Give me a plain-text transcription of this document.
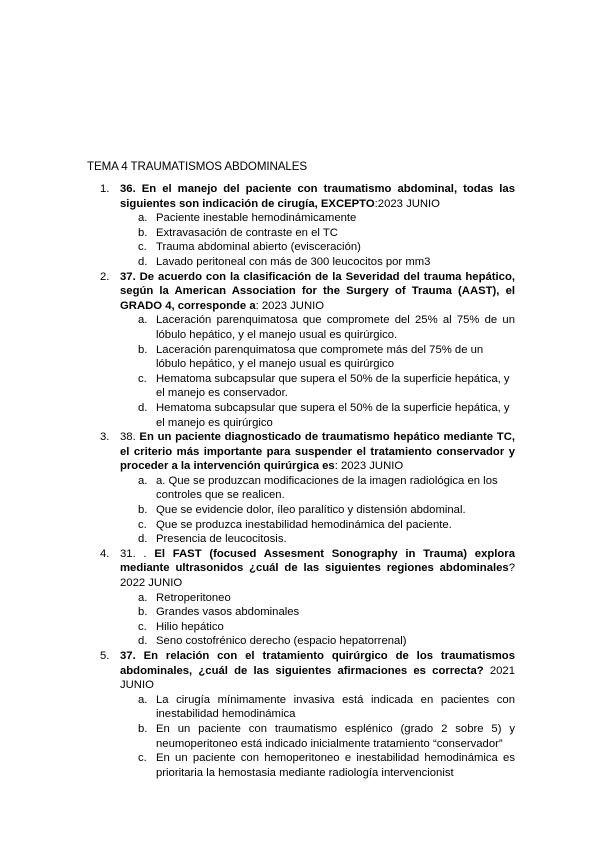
TEMA 4 TRAUMATISMOS ABDOMINALES
1. 36. En el manejo del paciente con traumatismo abdominal, todas las siguientes son indicación de cirugía, EXCEPTO:2023 JUNIO

a. Paciente inestable hemodinámicamente

b. Extravasación de contraste en el TC

c. Trauma abdominal abierto (evisceración)

d. Lavado peritoneal con más de 300 leucocitos por mm3

2. 37. De acuerdo con la clasificación de la Severidad del trauma hepático, según la American Association for the Surgery of Trauma (AAST), el GRADO 4, corresponde a: 2023 JUNIO

a. Laceración parenquimatosa que compromete del 25% al 75% de un lóbulo hepático, y el manejo usual es quirúrgico.

b. Laceración parenquimatosa que compromete más del 75% de un lóbulo hepático, y el manejo usual es quirúrgico

c. Hematoma subcapsular que supera el 50% de la superficie hepática, y el manejo es conservador.

d. Hematoma subcapsular que supera el 50% de la superficie hepática, y el manejo es quirúrgico

3. 38. En un paciente diagnosticado de traumatismo hepático mediante TC, el criterio más importante para suspender el tratamiento conservador y proceder a la intervención quirúrgica es: 2023 JUNIO

a. a. Que se produzcan modificaciones de la imagen radiológica en los controles que se realicen.

b. Que se evidencie dolor, íleo paralítico y distensión abdominal.

c. Que se produzca inestabilidad hemodinámica del paciente.

d. Presencia de leucocitosis.

4. 31. . El FAST (focused Assesment Sonography in Trauma) explora mediante ultrasonidos ¿cuál de las siguientes regiones abdominales? 2022 JUNIO

a. Retroperitoneo

b. Grandes vasos abdominales

c. Hilio hepático

d. Seno costofrénico derecho (espacio hepatorrenal)

5. 37. En relación con el tratamiento quirúrgico de los traumatismos abdominales, ¿cuál de las siguientes afirmaciones es correcta? 2021 JUNIO

a. La cirugía mínimamente invasiva está indicada en pacientes con inestabilidad hemodinámica

b. En un paciente con traumatismo esplénico (grado 2 sobre 5) y neumoperitoneo está indicado inicialmente tratamiento “conservador”

c. En un paciente con hemoperitoneo e inestabilidad hemodinámica es prioritaria la hemostasia mediante radiología intervencionist
